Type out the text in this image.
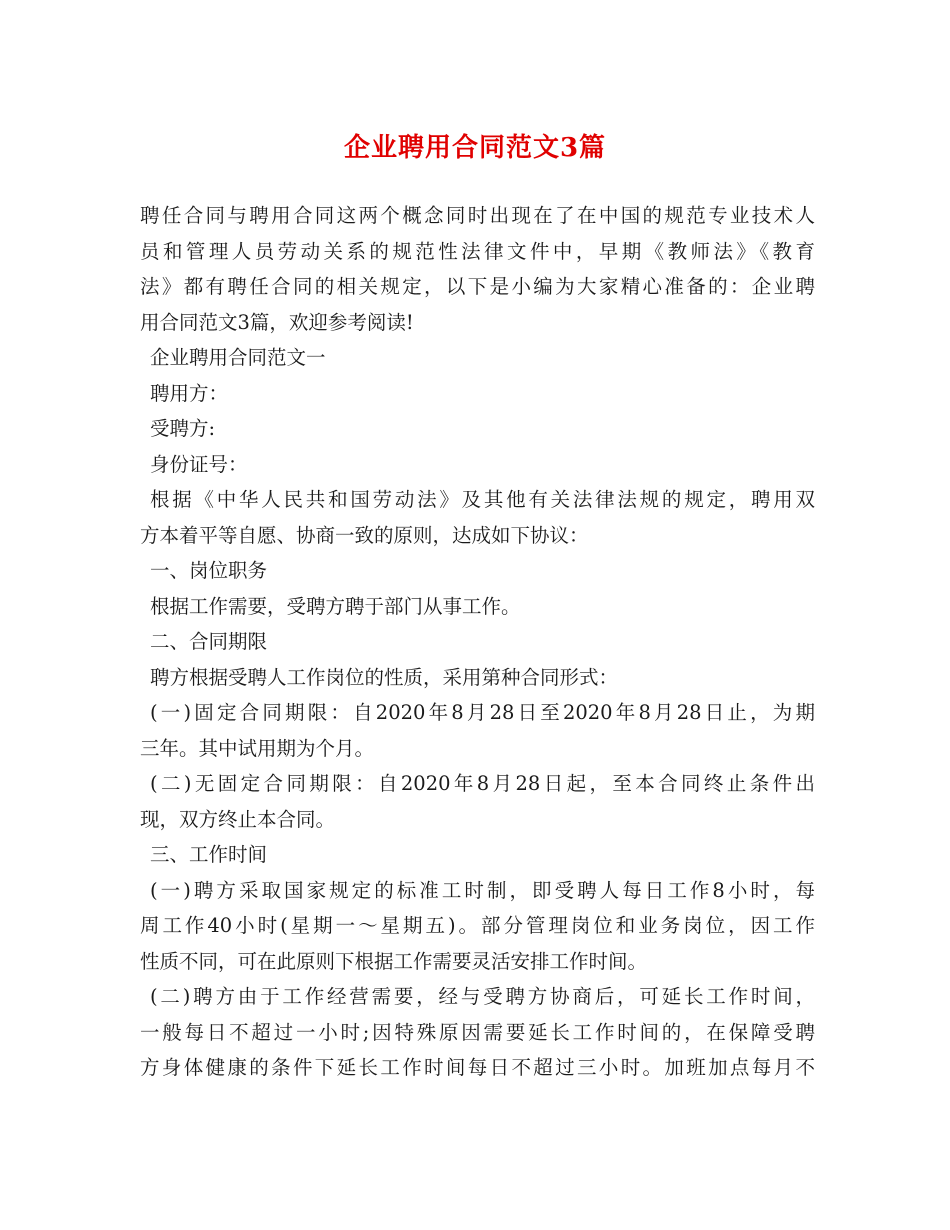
企业聘用合同范文3篇
聘任合同与聘用合同这两个概念同时出现在了在中国的规范专业技术人
员和管理人员劳动关系的规范性法律文件中，早期《教师法》《教育
法》都有聘任合同的相关规定，以下是小编为大家精心准备的：企业聘
用合同范文3篇，欢迎参考阅读!
企业聘用合同范文一
聘用方：
受聘方:
身份证号：
根据《中华人民共和国劳动法》及其他有关法律法规的规定，聘用双
方本着平等自愿、协商一致的原则，达成如下协议：
一、岗位职务
根据工作需要，受聘方聘于部门从事工作。
二、合同期限
聘方根据受聘人工作岗位的性质，采用第种合同形式：
(一)固定合同期限：自2020年8月28日至2020年8月28日止，为期
三年。其中试用期为个月。
(二)无固定合同期限：自2020年8月28日起，至本合同终止条件出
现，双方终止本合同。
三、工作时间
(一)聘方采取国家规定的标准工时制，即受聘人每日工作8小时，每
周工作40小时(星期一～星期五)。部分管理岗位和业务岗位，因工作
性质不同，可在此原则下根据工作需要灵活安排工作时间。
(二)聘方由于工作经营需要，经与受聘方协商后，可延长工作时间，
一般每日不超过一小时;因特殊原因需要延长工作时间的，在保障受聘
方身体健康的条件下延长工作时间每日不超过三小时。加班加点每月不
